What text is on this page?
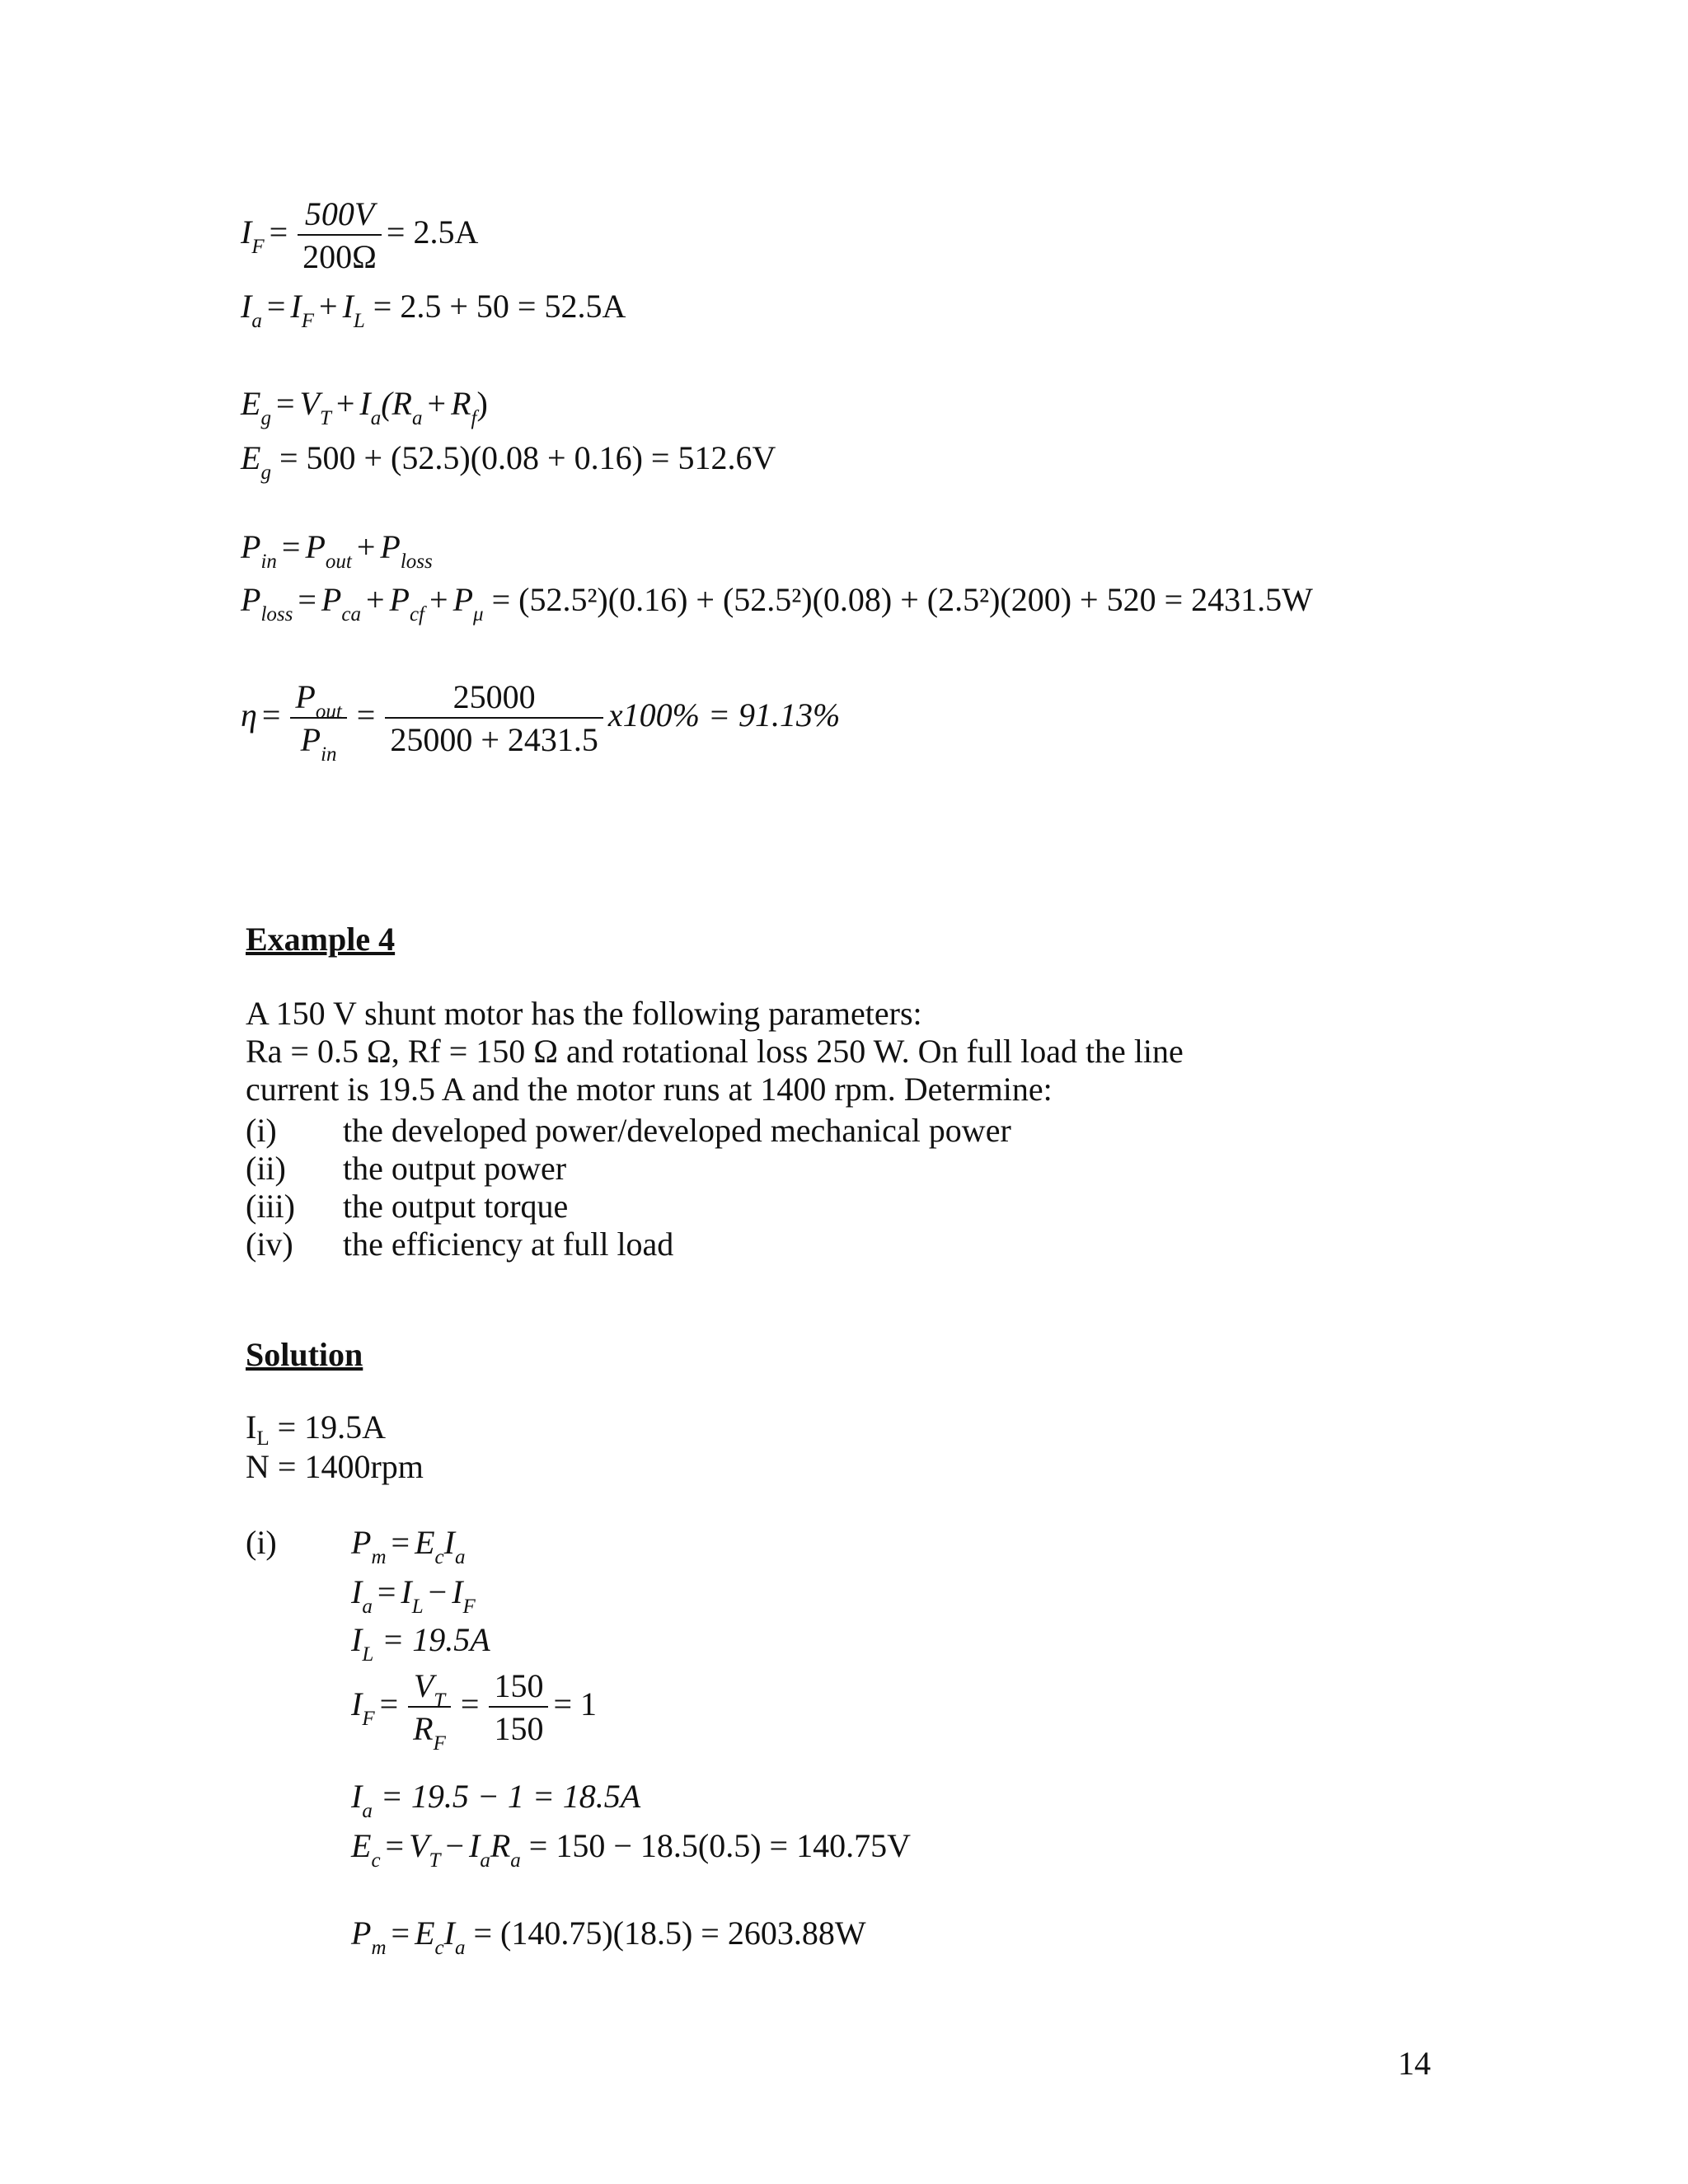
$I_F = \frac{500V}{200\Omega} = 2.5A$
$I_a = I_F + I_L = 2.5 + 50 = 52.5A$
$E_g = V_T + I_a(R_a + R_f)$
$E_g = 500 + (52.5)(0.08 + 0.16) = 512.6V$
$P_{in} = P_{out} + P_{loss}$
$P_{loss} = P_{ca} + P_{cf} + P_\mu = (52.5^2)(0.16) + (52.5^2)(0.08) + (2.5^2)(200) + 520 = 2431.5W$
$\eta = \frac{P_{out}}{P_{in}} = \frac{25000}{25000 + 2431.5} x100\% = 91.13\%$
Example 4
A 150 V shunt motor has the following parameters:
Ra = 0.5 Ω, Rf = 150 Ω and rotational loss 250 W. On full load the line
current is 19.5 A and the motor runs at 1400 rpm. Determine:
(i) the developed power/developed mechanical power
(ii) the output power
(iii) the output torque
(iv) the efficiency at full load
Solution
$I_L = 19.5A$
N = 1400rpm
(i) $P_m = E_cI_a$
$I_a = I_L - I_F$
$I_L = 19.5A$
$I_F = \frac{V_T}{R_F} = \frac{150}{150} = 1$
$I_a = 19.5 - 1 = 18.5A$
$E_c = V_T - I_aR_a = 150 - 18.5(0.5) = 140.75V$
$P_m = E_cI_a = (140.75)(18.5) = 2603.88W$
14
